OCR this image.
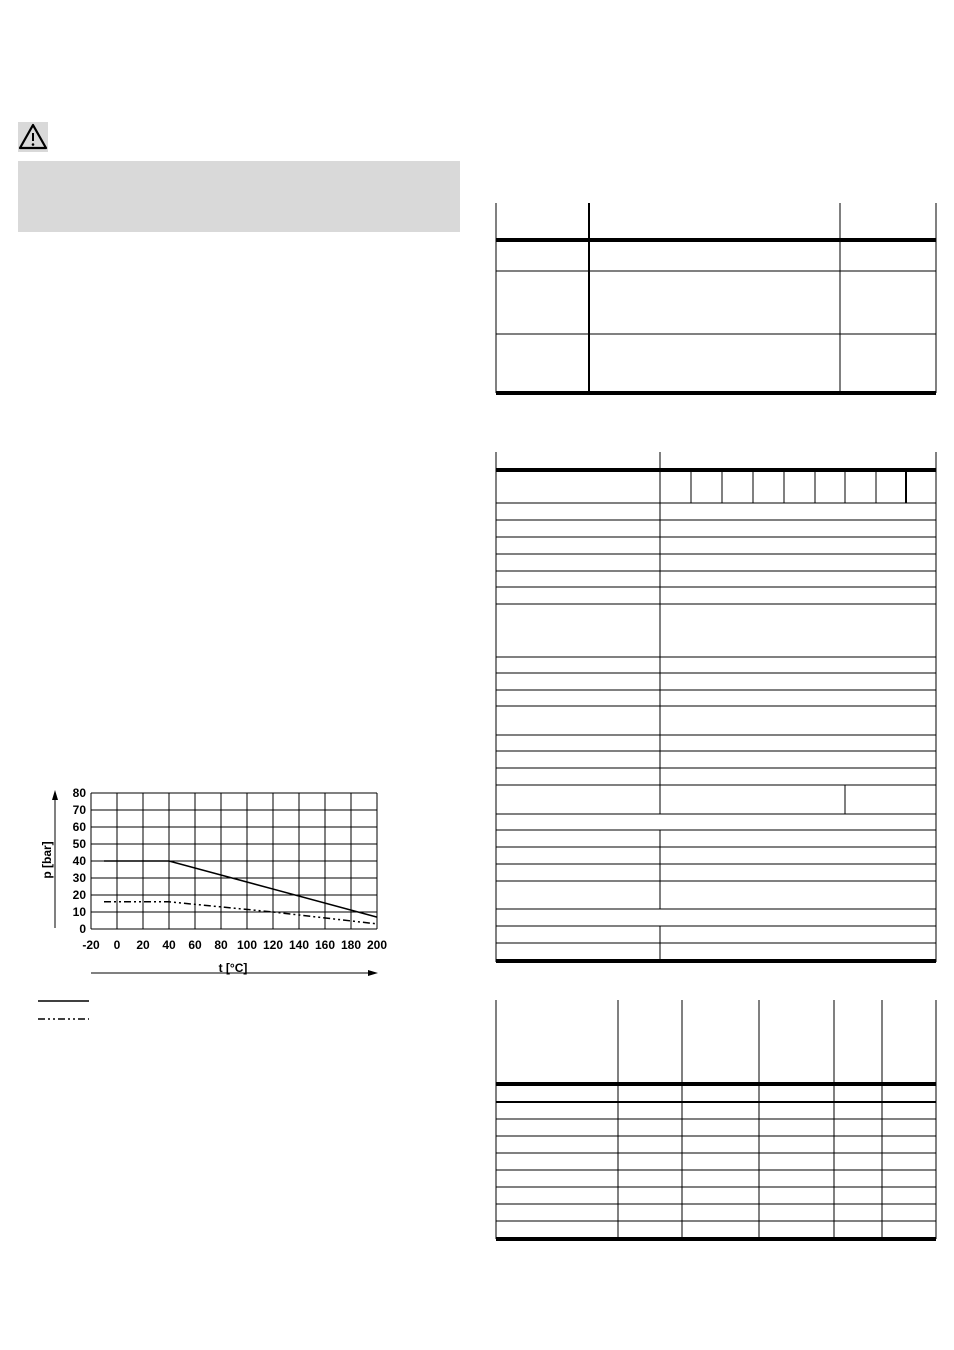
-20 0 20 40 60 80 100 120 140 160 180 200
0
10
20
30
40
50
60
70
80
t [°C]
p [bar]
